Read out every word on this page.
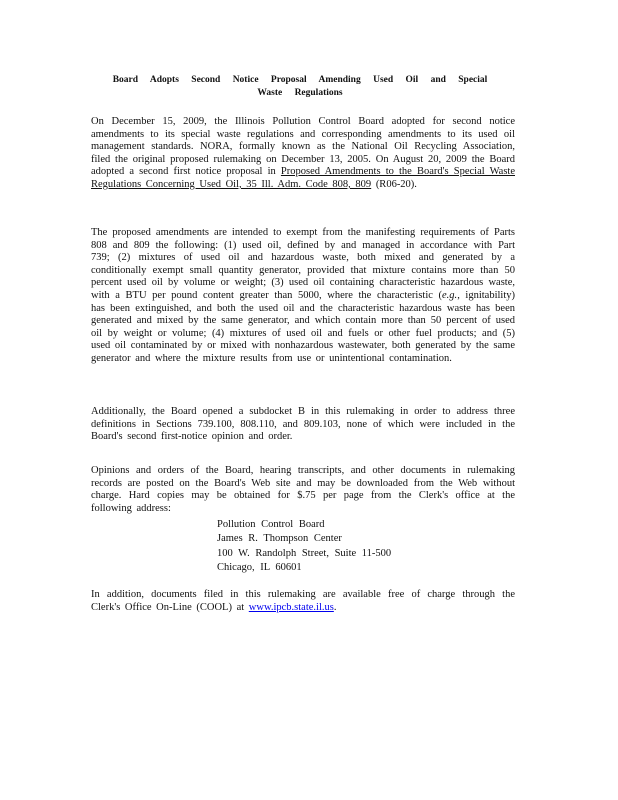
Board Adopts Second Notice Proposal Amending Used Oil and Special Waste Regulations
On December 15, 2009, the Illinois Pollution Control Board adopted for second notice amendments to its special waste regulations and corresponding amendments to its used oil management standards. NORA, formally known as the National Oil Recycling Association, filed the original proposed rulemaking on December 13, 2005. On August 20, 2009 the Board adopted a second first notice proposal in Proposed Amendments to the Board's Special Waste Regulations Concerning Used Oil, 35 Ill. Adm. Code 808, 809 (R06-20).
The proposed amendments are intended to exempt from the manifesting requirements of Parts 808 and 809 the following: (1) used oil, defined by and managed in accordance with Part 739; (2) mixtures of used oil and hazardous waste, both mixed and generated by a conditionally exempt small quantity generator, provided that mixture contains more than 50 percent used oil by volume or weight; (3) used oil containing characteristic hazardous waste, with a BTU per pound content greater than 5000, where the characteristic (e.g., ignitability) has been extinguished, and both the used oil and the characteristic hazardous waste has been generated and mixed by the same generator, and which contain more than 50 percent of used oil by weight or volume; (4) mixtures of used oil and fuels or other fuel products; and (5) used oil contaminated by or mixed with nonhazardous wastewater, both generated by the same generator and where the mixture results from use or unintentional contamination.
Additionally, the Board opened a subdocket B in this rulemaking in order to address three definitions in Sections 739.100, 808.110, and 809.103, none of which were included in the Board's second first-notice opinion and order.
Opinions and orders of the Board, hearing transcripts, and other documents in rulemaking records are posted on the Board's Web site and may be downloaded from the Web without charge. Hard copies may be obtained for $.75 per page from the Clerk's office at the following address:
Pollution Control Board
James R. Thompson Center
100 W. Randolph Street, Suite 11-500
Chicago, IL 60601
In addition, documents filed in this rulemaking are available free of charge through the Clerk's Office On-Line (COOL) at www.ipcb.state.il.us.
